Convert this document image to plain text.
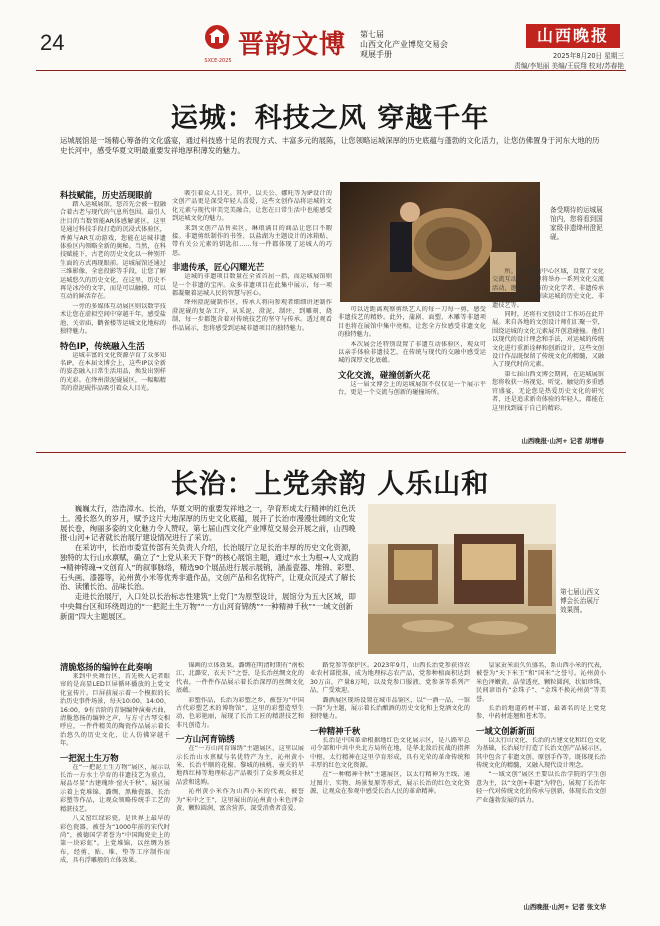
24
SXCE·2025
晋韵文博 第七届
山西文化产业博览交易会
观展手册
山西晚报
2025年8月20日 星期三
责编/李旭丽 美编/王辰翔 校对/苏春艳
运城：科技之风 穿越千年
运城展馆是一场精心筹备的文化盛宴，通过科技感十足的表现方式、丰富多元的展陈，让您领略运城深厚的历史底蕴与蓬勃的文化活力，让您仿佛置身于河东大地的历史长河中，感受华夏文明最重要发祥地厚积薄发的魅力。
备受期待的运城展馆内，您将看到国家级非遗绛州澄泥砚。
科技赋能，历史活现眼前

踏入运城展馆，您首先会被一股融合着古老与现代的气息所包围。最引人注目的当数智能AR体感解谜区，这里是通过科技手段打造的沉浸式体验区，香蕉与AR互动游戏，您能在运城非遗体验区内领略全新的奥秘。当然，在科技赋能下，古老的历史文化以一种别开生面的方式再现眼前。运城展馆还通过三维影像、全息投影等手段，让您了解运城悠久的历史文化，在这里，历史不再是冰冷的文字，而是可以触摸、可以互动的鲜活存在。

一旁的多媒体互动展区则以数字技术让您在虚拟空间中穿越千年，感受盐池、关帝庙、鹳雀楼等运城文化地标的独特魅力。

特色IP，传统融入生活

运城丰富的文化资源孕育了众多知名IP，在本届文博会上，这些IP以全新的姿态融入日常生活用品，焕发出别样的光彩。在绛州澄泥砚展区，一幅幅精美的澄泥砚作品吸引着众人目光。

吸引着众人目光。其中，以关公、娜吒等为IP设计的文创产品更是深受年轻人喜爱，这些文创作品将运城的文化元素与现代审美完美融合，让您在日常生活中也能感受到运城文化的魅力。

来到文创产品售卖区，琳琅满目的商品让您目不暇接。非遗剪纸制作的书签、以盐湖为主题设计的冰箱贴、带有关公元素的钥匙扣……每一件都体现了运城人的巧思。

非遗传承，匠心闪耀光芒

运城的非遗项目数量在全省首屈一指，而运城展馆则是一个非遗的宝库。众多非遗项目在此集中展示，每一项都凝聚着运城人民的智慧与匠心。

绛州澄泥砚制作区，传承人将向参观者细细讲述制作澄泥砚的复杂工序，从采泥、澄泥、制坯、到雕刻、烧制，每一步都饱含着对传统技艺的坚守与传承。透过观看作品展示，您将感受到运城非遗项目的独特魅力。

可以近距离观察剪纸艺人的每一刀每一剪，感受非遗技艺的精妙。此外，蒲剧、面塑、木雕等非遗项目也将在展馆中集中亮相，让您全方位感受非遗文化的独特魅力。

本次展会还特别设置了非遗互动体验区，观众可以亲手体验非遗技艺，在传统与现代的交融中感受运城的深厚文化底蕴。

文化交流，碰撞创新火花

这一届文博会上的运城展馆不仅仅是一个展示平台，更是一个交流与创新的碰撞场所。

所。在展馆的中心区域，设置了文化交流互动区，这里将举办一系列文化交流活动，邀请运城市的文化学者、非遗传承人等，为您深入解读运城的历史文化、非遗技艺等。

同时，还将有文创设计工作坊在此开展。来自各地的文创设计师们汇聚一堂，围绕运城的文化元素展开创意碰撞。他们以现代的设计理念和手法，对运城的传统文化进行重新诠释和创新设计，这些文创设计作品既保留了传统文化的精髓，又融入了现代时尚元素。

第七届山西文博会期间，在运城展馆您将收获一场视觉、听觉、触觉的多重感官盛宴，无论您是热爱历史文化的研究者，还是追求新奇体验的年轻人，都能在这里找到属于自己的精彩。

山西晚报·山河+ 记者 胡增春
长治：上党余韵 人乐山和
巍巍太行，浩浩漳水。长治，华夏文明的重要发祥地之一，孕育形成太行精神的红色沃土。漫长悠久的岁月，赋予这片大地深厚的历史文化底蕴，展开了长治市漫漫壮阔的文化发展长卷，绚丽多姿的文化魅力令人赞叹。第七届山西文化产业博览交易会开展之前，山西晚报·山河+记者就长治展厅建设情况进行了采访。
在采访中，长治市委宣传部有关负责人介绍，长治展厅立足长治丰厚的历史文化资源，独特的太行山水禀赋，确立了“上党从来天下脊”的核心展馆主题，通过“水土为根→人文成韵→精神铸魂→文创育人”的叙事脉络，精选90个展品进行展示展销，涵盖瓷器、堆锦、彩塑、石头画、漆器等，沁州黄小米等优秀非遗作品，文创产品和名优特产，让观众沉浸式了解长治、读懂长治、品味长治。
走进长治展厅，入口处以长治标志性建筑“上党门”为原型设计，展馆分为五大区域，即中央舞台区和环绕周边的“一把泥土生万物”“一方山河育锦绣”“一种精神千秋”“一域文创新新面”四大主题展区。
第七届山西文博会长治展厅效果图。
清脆悠扬的编钟在此奏响

来到中央舞台区，首先映入记者眼帘的是高显LED巨屏循环播放的上党文化宣传片。巨屏前展示着一个模拟的长治历史事件场景，每天10:00、14:00、16:00，9有音阶的青铜编钟演奏古曲，清脆悠扬的编钟之声，与方寸古琴交相呼应，一件件精美的陶瓷作品展示着长治悠久的历史文化，让人仿佛穿越千年。

一把泥土生万物

在“一把泥土生万物”展区，展示以长治一方水土孕育的非遗技艺为重点，展品尽显“古建瑰珍·窑火千秋”。展区展示着上党堆锦、潞绸、黑釉瓷器、长治彩塑等作品，让观众领略传统手工艺的精湛技艺。

八义窑红绿彩瓷，是世界上最早的彩色瓷器，被誉为“1000年前的宋代时尚”，被德国学者誉为“中国陶瓷史上的第一块彩虹”。上党堆锦，以丝绸为基布，经剪、贴、堆、垫等工序制作而成，具有浮雕般的立体效果。

锦画的立体效果。潞绸在明清时期有“南松江，北潞安，衣天下”之誉，是长治丝绸文化的代表，一件件作品展示着长治深厚的丝绸文化底蕴。

彩塑作品，长治为彩塑之乡，被誉为“中国古代彩塑艺术的博物馆”，这里的彩塑造型生动，色彩艳丽，展现了长治工匠的精湛技艺和非凡创造力。

一方山河育锦绣

在“一方山河育锦绣”主题展区，这里以展示长治山水禀赋与名优特产为主，沁州黄小米、长治平顺的花椒、黎城的核桃、壶关的旱地西红柿等地理标志产品吸引了众多观众驻足品尝和选购。

沁州黄小米作为山西小米的代表，被誉为“米中之王”，这里展出的沁州黄小米色泽金黄、颗粒圆润，富含营养，深受消费者喜爱。

路党参等保护区。2023年9月，山西长治党参获得农业农村部批准，成为地理标志农产品，党参种植面积达到30万亩，产量8万吨，以及党参口服液、党参茶等系列产品，广受欢迎。

潞酒展区现场设置在城市品鉴区，以“一酒一品、一馆一韵”为主题，展示着长治酿酒的历史文化和上党酒文化的独特魅力。

一种精神千秋

长治是中国革命根据地红色文化展示区，是八路军总司令部和中共中央北方局所在地，是华北敌后抗战的指挥中枢，太行精神在这里孕育形成，具有光荣的革命传统和丰厚的红色文化资源。

在“一种精神千秋”主题展区，以太行精神为主线，通过图片、实物、场景复原等形式，展示长治的红色文化资源，让观众在参观中感受长治人民的革命精神。

皇家贡米而久负盛名，系山西小米的代表，被誉为“天下米王”和“国米”之誉号。沁州黄小米色泽嫩黄，晶莹透亮，颗粒圆润，状如珍珠，民间谚语有“金珠子”、“金珠不换沁州黄”等美誉。

长治的地道药材丰富，最著名的是上党党参、中药材连翘和苍术等。

一域文创新新面

以太行山文化、长治的古建文化和红色文化为基础，长治展厅打造了长治文创产品展示区，其中包含了非遗文创、原创手作等，既体现长治传统文化的精髓，又融入现代设计理念。

“一域文创”展区主要以长治学院的学生创意为主，以“文创+非遗”为特色，展现了长治年轻一代对传统文化的传承与创新，体现长治文创产业蓬勃发展的活力。

山西晚报·山河+ 记者 张文华
